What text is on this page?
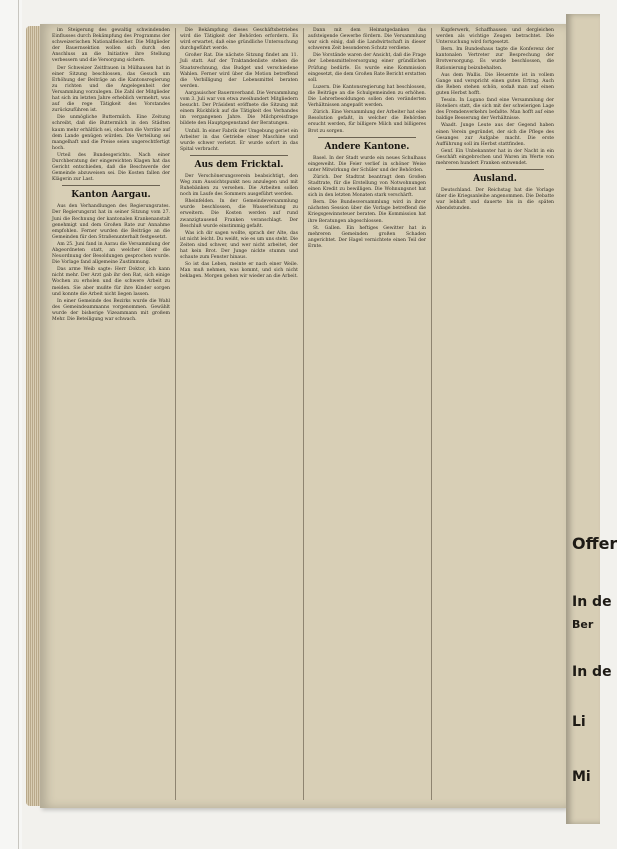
im Steigerung des gewaltig schwindenden Einflusses durch Bekämpfung des Programms der schweizerischen Nationalfleischer. Die Mitglieder der Bauernsektion wollen sich durch den Anschluss an die Initiative ihre Stellung verbessern und die Versorgung sichern.

Der Schweizer Zeitfrauen in Mülhausen hat in einer Sitzung beschlossen, das Gesuch um Erhöhung der Beiträge an die Kantonsregierung zu richten und die Angelegenheit der Versammlung vorzulegen. Die Zahl der Mitglieder hat sich im letzten Jahre erheblich vermehrt, was auf die rege Tätigkeit des Vorstandes zurückzuführen ist.

Die unmögliche Buttermilch. Eine Zeitung schreibt, daß die Buttermilch in den Städten kaum mehr erhältlich sei, obschon die Vorräte auf dem Lande genügen würden. Die Verteilung sei mangelhaft und die Preise seien ungerechtfertigt hoch.

Urteil des Bundesgerichts. Nach einer Durchberatung der eingereichten Klagen hat das Gericht entschieden, daß die Beschwerde der Gemeinde abzuweisen sei. Die Kosten fallen der Klägerin zur Last.

Kanton Aargau.

Aus den Verhandlungen des Regierungsrates. Der Regierungsrat hat in seiner Sitzung vom 27. Juni die Rechnung der kantonalen Krankenanstalt genehmigt und dem Großen Rate zur Annahme empfohlen. Ferner wurden die Beiträge an die Gemeinden für den Straßenunterhalt festgesetzt.

Am 25. Juni fand in Aarau die Versammlung der Abgeordneten statt, an welcher über die Neuordnung der Besoldungen gesprochen wurde. Die Vorlage fand allgemeine Zustimmung.

Das arme Weib sagte: Herr Doktor, ich kann nicht mehr. Der Arzt gab ihr den Rat, sich einige Wochen zu erholen und die schwere Arbeit zu meiden. Sie aber mußte für ihre Kinder sorgen und konnte die Arbeit nicht liegen lassen.

In einer Gemeinde des Bezirks wurde die Wahl des Gemeindeammanns vorgenommen. Gewählt wurde der bisherige Vizeammann mit großem Mehr. Die Beteiligung war schwach.

Die Bekämpfung dieses Geschäftsbetriebes wird die Tätigkeit der Behörden erfordern. Es wird erwartet, daß eine gründliche Untersuchung durchgeführt werde.

Großer Rat. Die nächste Sitzung findet am 11. Juli statt. Auf der Traktandenliste stehen die Staatsrechnung, das Budget und verschiedene Wahlen. Ferner wird über die Motion betreffend die Verbilligung der Lebensmittel beraten werden.

Aargauischer Bauernverband. Die Versammlung vom 3. Juli war von etwa zweihundert Mitgliedern besucht. Der Präsident eröffnete die Sitzung mit einem Rückblick auf die Tätigkeit des Verbandes im vergangenen Jahre. Die Milchpreisfrage bildete den Hauptgegenstand der Beratungen.

Unfall. In einer Fabrik der Umgebung geriet ein Arbeiter in das Getriebe einer Maschine und wurde schwer verletzt. Er wurde sofort in das Spital verbracht.

Aus dem Fricktal.

Der Verschönerungsverein beabsichtigt, den Weg zum Aussichtspunkt neu anzulegen und mit Ruhebänken zu versehen. Die Arbeiten sollen noch im Laufe des Sommers ausgeführt werden.

Rheinfelden. In der Gemeindeversammlung wurde beschlossen, die Wasserleitung zu erweitern. Die Kosten werden auf rund zwanzigtausend Franken veranschlagt. Der Beschluß wurde einstimmig gefaßt.

Was ich dir sagen wollte, sprach der Alte, das ist nicht leicht. Du weißt, wie es um uns steht. Die Zeiten sind schwer, und wer nicht arbeitet, der hat kein Brot. Der Junge nickte stumm und schaute zum Fenster hinaus.

So ist das Leben, meinte er nach einer Weile. Man muß nehmen, was kommt, und sich nicht beklagen. Morgen gehen wir wieder an die Arbeit.

Dann mit dem Heimatgedanken das aufsteigende Gewerbe fördern. Die Versammlung war sich einig, daß die Landwirtschaft in dieser schweren Zeit besonderen Schutz verdiene.

Die Vorstände waren der Ansicht, daß die Frage der Lebensmittelversorgung einer gründlichen Prüfung bedürfe. Es wurde eine Kommission eingesetzt, die dem Großen Rate Bericht erstatten soll.

Luzern. Die Kantonsregierung hat beschlossen, die Beiträge an die Schulgemeinden zu erhöhen. Die Lehrerbesoldungen sollen den veränderten Verhältnissen angepaßt werden.

Zürich. Eine Versammlung der Arbeiter hat eine Resolution gefaßt, in welcher die Behörden ersucht werden, für billigere Milch und billigeres Brot zu sorgen.

Andere Kantone.

Basel. In der Stadt wurde ein neues Schulhaus eingeweiht. Die Feier verlief in schöner Weise unter Mitwirkung der Schüler und der Behörden.

Zürich. Der Stadtrat beantragt dem Großen Stadtrate, für die Erstellung von Notwohnungen einen Kredit zu bewilligen. Die Wohnungsnot hat sich in den letzten Monaten stark verschärft.

Bern. Die Bundesversammlung wird in ihrer nächsten Session über die Vorlage betreffend die Kriegsgewinnsteuer beraten. Die Kommission hat ihre Beratungen abgeschlossen.

St. Gallen. Ein heftiges Gewitter hat in mehreren Gemeinden großen Schaden angerichtet. Der Hagel vernichtete einen Teil der Ernte.

Kupferwerk, Schaffhausen und dergleichen werden als wichtige Zeugen betrachtet. Die Untersuchung wird fortgesetzt.

Bern. Im Bundeshaus tagte die Konferenz der kantonalen Vertreter zur Besprechung der Brotversorgung. Es wurde beschlossen, die Rationierung beizubehalten.

Aus dem Wallis. Die Heuernte ist in vollem Gange und verspricht einen guten Ertrag. Auch die Reben stehen schön, sodaß man auf einen guten Herbst hofft.

Tessin. In Lugano fand eine Versammlung der Hoteliers statt, die sich mit der schwierigen Lage des Fremdenverkehrs befaßte. Man hofft auf eine baldige Besserung der Verhältnisse.

Waadt. Junge Leute aus der Gegend haben einen Verein gegründet, der sich die Pflege des Gesanges zur Aufgabe macht. Die erste Aufführung soll im Herbst stattfinden.

Genf. Ein Unbekannter hat in der Nacht in ein Geschäft eingebrochen und Waren im Werte von mehreren hundert Franken entwendet.

Ausland.

Deutschland. Der Reichstag hat die Vorlage über die Kriegsanleihe angenommen. Die Debatte war lebhaft und dauerte bis in die späten Abendstunden.

Offer
In de
Ber
In de
Li
Mi
